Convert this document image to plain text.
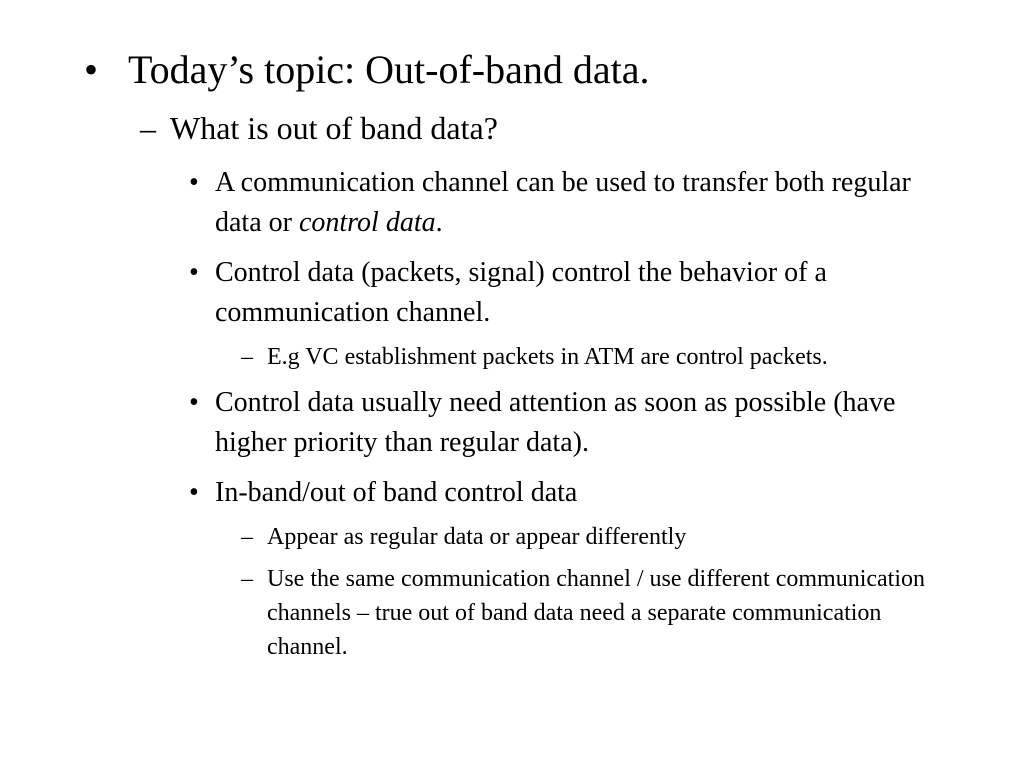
• Today’s topic: Out-of-band data.
– What is out of band data?
• A communication channel can be used to transfer both regular data or control data.
• Control data (packets, signal) control the behavior of a communication channel.
– E.g VC establishment packets in ATM are control packets.
• Control data usually need attention as soon as possible (have higher priority than regular data).
• In-band/out of band control data
– Appear as regular data or appear differently
– Use the same communication channel / use different communication channels – true out of band data need a separate communication channel.
